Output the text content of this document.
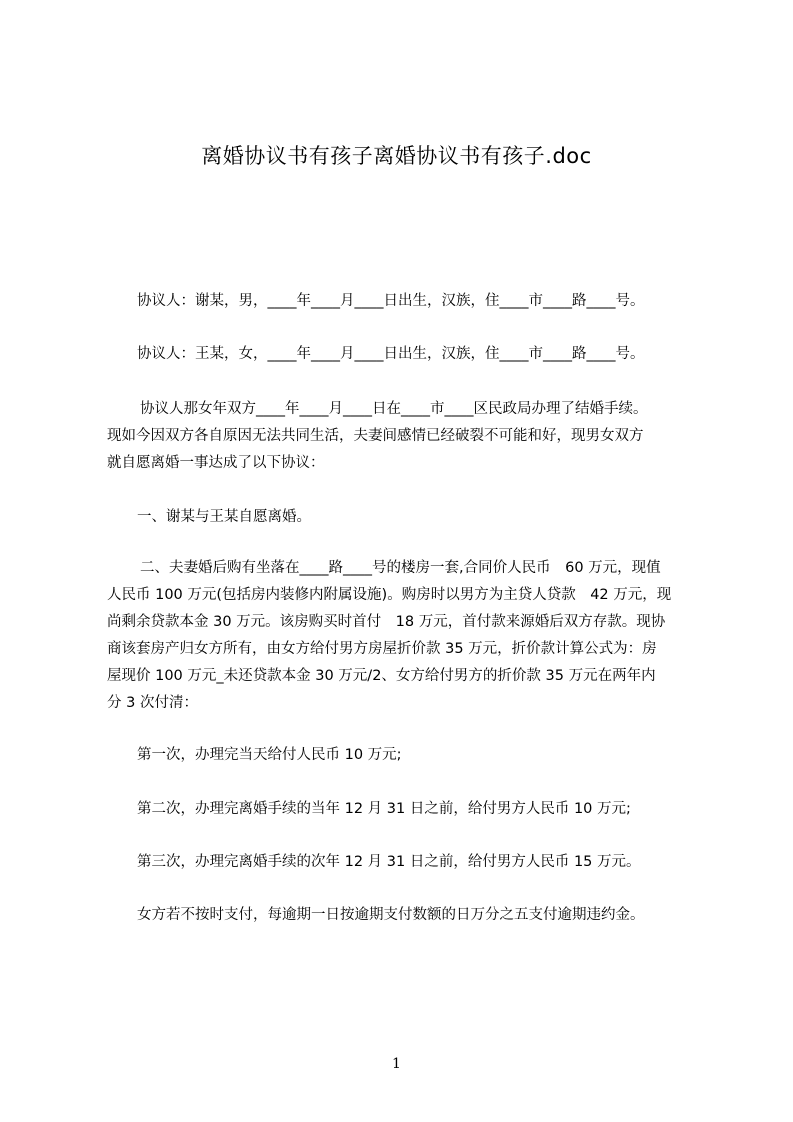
离婚协议书有孩子离婚协议书有孩子.doc
协议人：谢某，男，____年____月____日出生，汉族，住____市____路____号。
协议人：王某，女，____年____月____日出生，汉族，住____市____路____号。
协议人那女年双方____年____月____日在____市____区民政局办理了结婚手续。
现如今因双方各自原因无法共同生活，夫妻间感情已经破裂不可能和好，现男女双方
就自愿离婚一事达成了以下协议：
一、谢某与王某自愿离婚。
二、夫妻婚后购有坐落在____路____号的楼房一套,合同价人民币　60 万元，现值
人民币 100 万元(包括房内装修内附属设施)。购房时以男方为主贷人贷款　42 万元，现
尚剩余贷款本金 30 万元。该房购买时首付　18 万元，首付款来源婚后双方存款。现协
商该套房产归女方所有，由女方给付男方房屋折价款 35 万元，折价款计算公式为：房
屋现价 100 万元_未还贷款本金 30 万元/2、女方给付男方的折价款 35 万元在两年内
分 3 次付清：
第一次，办理完当天给付人民币 10 万元;
第二次，办理完离婚手续的当年 12 月 31 日之前，给付男方人民币 10 万元;
第三次，办理完离婚手续的次年 12 月 31 日之前，给付男方人民币 15 万元。
女方若不按时支付，每逾期一日按逾期支付数额的日万分之五支付逾期违约金。
1
